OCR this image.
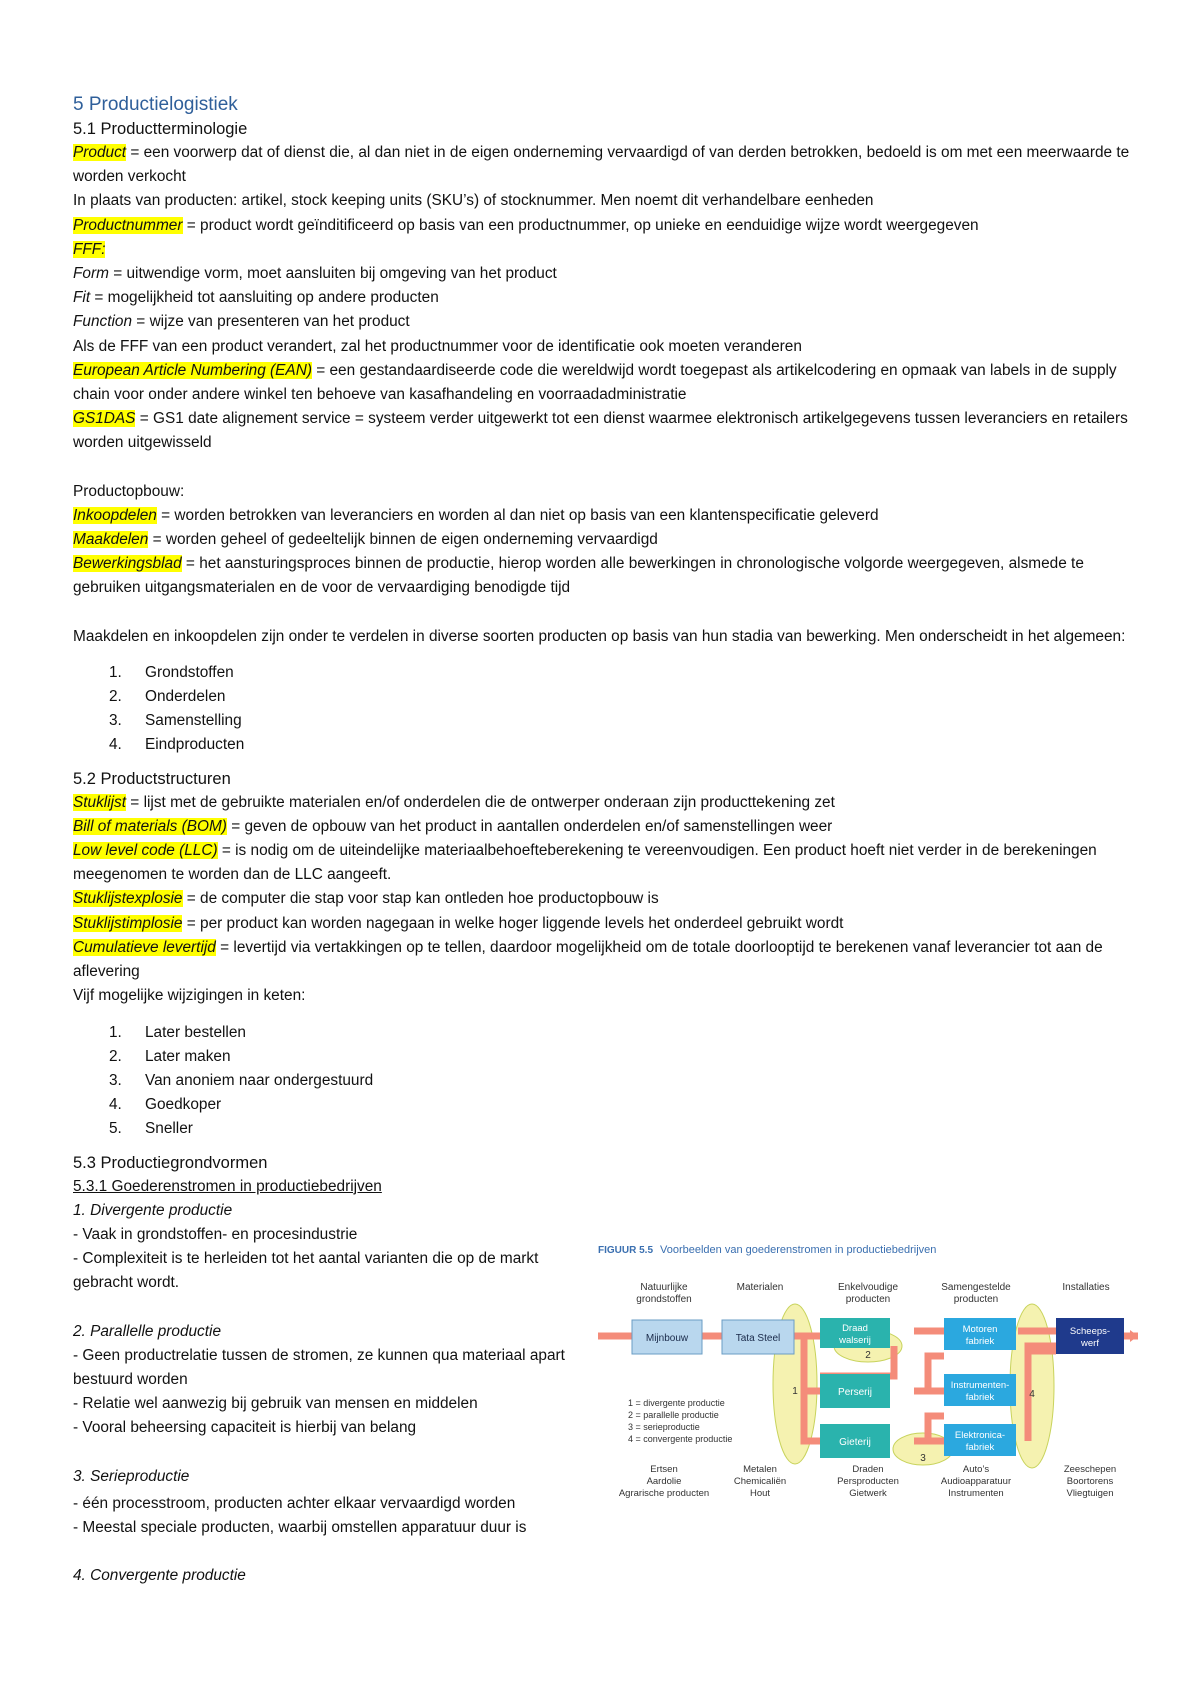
5 Productielogistiek

5.1 Productterminologie

Product = een voorwerp dat of dienst die, al dan niet in de eigen onderneming vervaardigd of van derden betrokken, bedoeld is om met een meerwaarde te worden verkocht

In plaats van producten: artikel, stock keeping units (SKU’s) of stocknummer. Men noemt dit verhandelbare eenheden

Productnummer = product wordt geïnditificeerd op basis van een productnummer, op unieke en eenduidige wijze wordt weergegeven

FFF:

Form = uitwendige vorm, moet aansluiten bij omgeving van het product

Fit = mogelijkheid tot aansluiting op andere producten

Function = wijze van presenteren van het product

Als de FFF van een product verandert, zal het productnummer voor de identificatie ook moeten veranderen

European Article Numbering (EAN) = een gestandaardiseerde code die wereldwijd wordt toegepast als artikelcodering en opmaak van labels in de supply chain voor onder andere winkel ten behoeve van kasafhandeling en voorraadadministratie

GS1DAS = GS1 date alignement service = systeem verder uitgewerkt tot een dienst waarmee elektronisch artikelgegevens tussen leveranciers en retailers worden uitgewisseld

Productopbouw:

Inkoopdelen = worden betrokken van leveranciers en worden al dan niet op basis van een klantenspecificatie geleverd

Maakdelen = worden geheel of gedeeltelijk binnen de eigen onderneming vervaardigd

Bewerkingsblad = het aansturingsproces binnen de productie, hierop worden alle bewerkingen in chronologische volgorde weergegeven, alsmede te gebruiken uitgangsmaterialen en de voor de vervaardiging benodigde tijd

Maakdelen en inkoopdelen zijn onder te verdelen in diverse soorten producten op basis van hun stadia van bewerking. Men onderscheidt in het algemeen:

1. Grondstoffen
2. Onderdelen
3. Samenstelling
4. Eindproducten

5.2 Productstructuren

Stuklijst = lijst met de gebruikte materialen en/of onderdelen die de ontwerper onderaan zijn producttekening zet

Bill of materials (BOM) = geven de opbouw van het product in aantallen onderdelen en/of samenstellingen weer

Low level code (LLC) = is nodig om de uiteindelijke materiaalbehoefteberekening te vereenvoudigen. Een product hoeft niet verder in de berekeningen meegenomen te worden dan de LLC aangeeft.

Stuklijstexplosie = de computer die stap voor stap kan ontleden hoe productopbouw is

Stuklijstimplosie = per product kan worden nagegaan in welke hoger liggende levels het onderdeel gebruikt wordt

Cumulatieve levertijd = levertijd via vertakkingen op te tellen, daardoor mogelijkheid om de totale doorlooptijd te berekenen vanaf leverancier tot aan de aflevering

Vijf mogelijke wijzigingen in keten:

1. Later bestellen
2. Later maken
3. Van anoniem naar ondergestuurd
4. Goedkoper
5. Sneller

5.3 Productiegrondvormen

5.3.1 Goederenstromen in productiebedrijven

1. Divergente productie

- Vaak in grondstoffen- en procesindustrie

- Complexiteit is te herleiden tot het aantal varianten die op de markt gebracht wordt.

2. Parallelle productie

- Geen productrelatie tussen de stromen, ze kunnen qua materiaal apart bestuurd worden

- Relatie wel aanwezig bij gebruik van mensen en middelen

- Vooral beheersing capaciteit is hierbij van belang

3. Serieproductie

- één processtroom, producten achter elkaar vervaardigd worden

- Meestal speciale producten, waarbij omstellen apparatuur duur is

4. Convergente productie

FIGUUR 5.5 Voorbeelden van goederenstromen in productiebedrijven
Natuurlijke
grondstoffen
Materialen	Enkelvoudige
producten
Samengestelde
producten
Installaties
Mijnbouw	Tata Steel
Draad
walserij
Perserij
Gieterij
Motoren
fabriek
Instrumenten-
fabriek
Elektronica-
fabriek
Scheeps-
werf
1
2
3
4
1 = divergente productie
2 = parallelle productie
3 = serieproductie
4 = convergente productie
Ertsen
Aardolie
Agrarische producten
Metalen
Chemicaliën
Hout
Draden
Persproducten
Gietwerk
Auto’s
Audioapparatuur
Instrumenten
Zeeschepen
Boortorens
Vliegtuigen
